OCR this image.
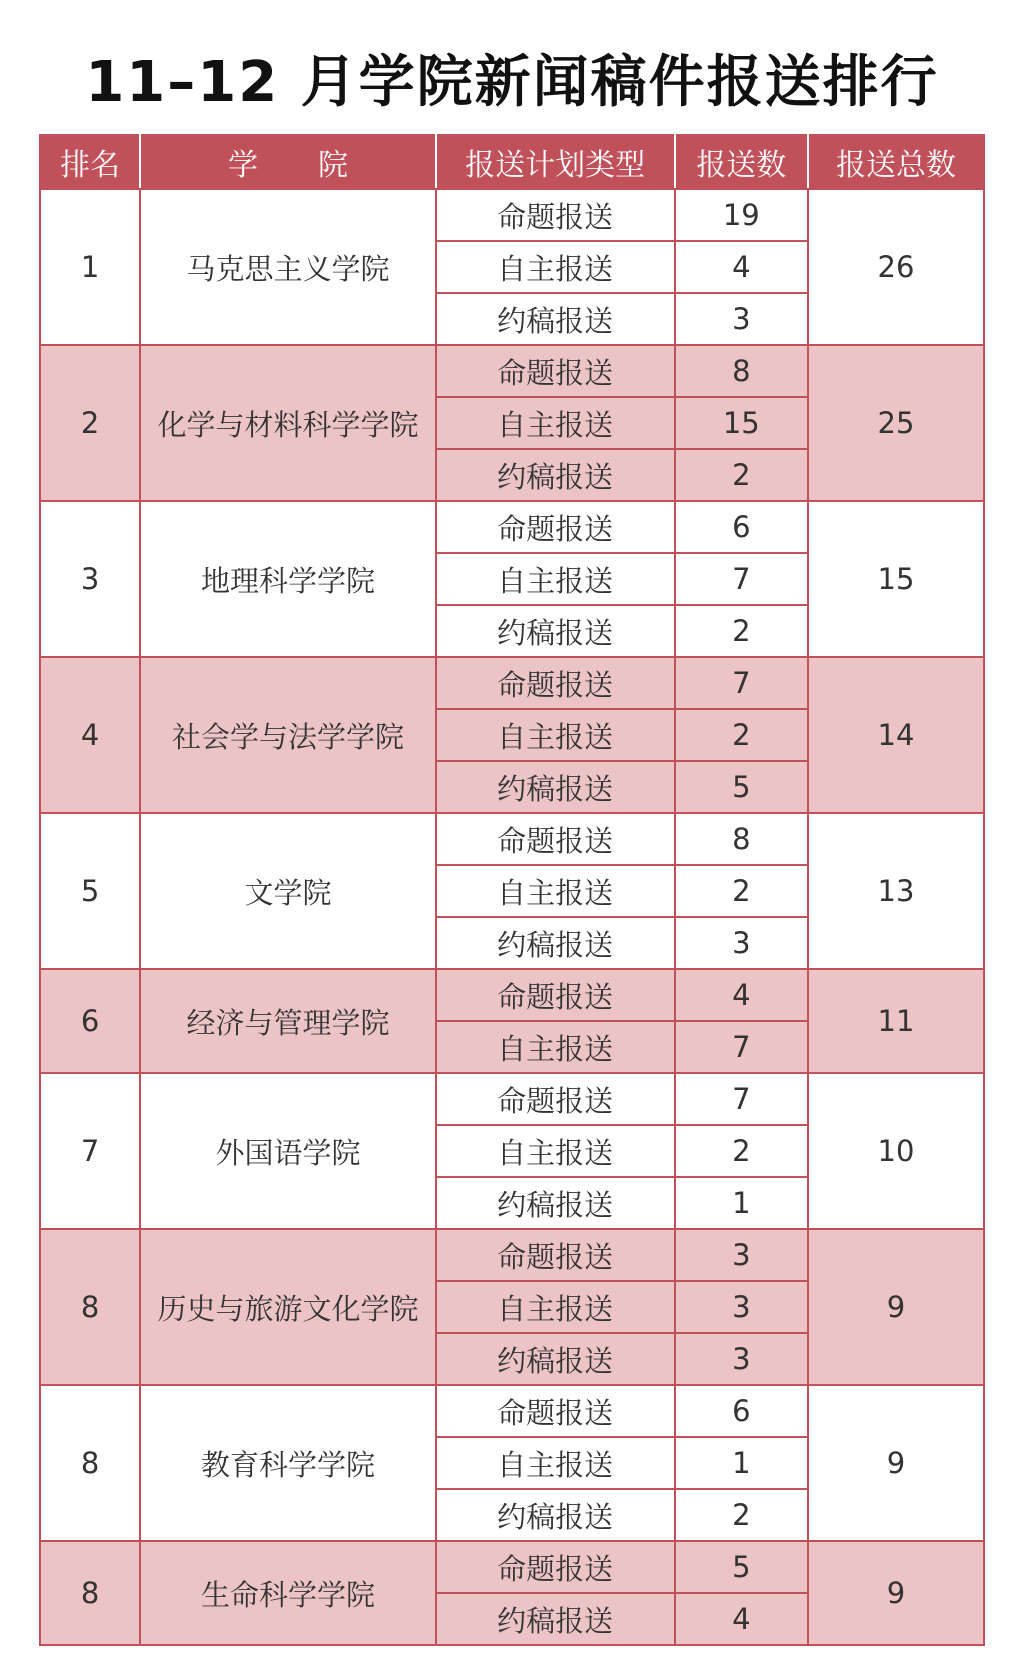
11–12 月学院新闻稿件报送排行
排名	学　　院	报送计划类型	报送数	报送总数
1	马克思主义学院	命题报送	19	26
		自主报送	4	
		约稿报送	3	
2	化学与材料科学学院	命题报送	8	25
		自主报送	15	
		约稿报送	2	
3	地理科学学院	命题报送	6	15
		自主报送	7	
		约稿报送	2	
4	社会学与法学学院	命题报送	7	14
		自主报送	2	
		约稿报送	5	
5	文学院	命题报送	8	13
		自主报送	2	
		约稿报送	3	
6	经济与管理学院	命题报送	4	11
		自主报送	7	
7	外国语学院	命题报送	7	10
		自主报送	2	
		约稿报送	1	
8	历史与旅游文化学院	命题报送	3	9
		自主报送	3	
		约稿报送	3	
8	教育科学学院	命题报送	6	9
		自主报送	1	
		约稿报送	2	
8	生命科学学院	命题报送	5	9
		约稿报送	4	
